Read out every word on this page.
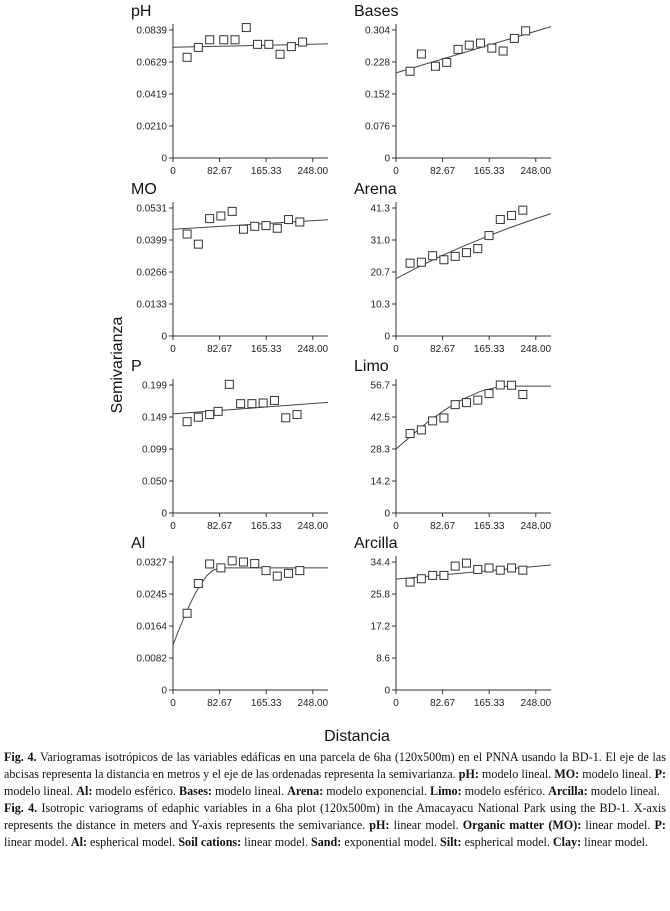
pH
0
0.0210
0.0419
0.0629
0.0839
0	82.67 165.33 248.00
Bases
0
0.076
0.152
0.228
0.304
0	82.67 165.33 248.00
MO
0
0.0133
0.0266
0.0399
0.0531
0	82.67 165.33 248.00
Arena
0
10.3
20.7
31.0
41.3
0	82.67 165.33 248.00
P
0
0.050
0.099
0.149
0.199
0	82.67 165.33 248.00
Limo
0
14.2
28.3
42.5
56.7
0	82.67 165.33 248.00
Al
0
0.0082
0.0164
0.0245
0.0327
0	82.67 165.33 248.00
Arcilla
0
8.6
17.2
25.8
34.4
0	82.67 165.33 248.00
Semivarianza
Distancia

Fig. 4. Variogramas isotrópicos de las variables edáficas en una parcela de 6ha (120x500m) en el PNNA usando la BD-1. El eje de las abcisas representa la distancia en metros y el eje de las ordenadas representa la semivarianza. pH: modelo lineal. MO: modelo lineal. P: modelo lineal. Al: modelo esférico. Bases: modelo lineal. Arena: modelo exponencial. Limo: modelo esférico. Arcilla: modelo lineal.

Fig. 4. Isotropic variograms of edaphic variables in a 6ha plot (120x500m) in the Amacayacu National Park using the BD-1. X-axis represents the distance in meters and Y-axis represents the semivariance. pH: linear model. Organic matter (MO): linear model. P: linear model. Al: espherical model. Soil cations: linear model. Sand: exponential model. Silt: espherical model. Clay: linear model.
